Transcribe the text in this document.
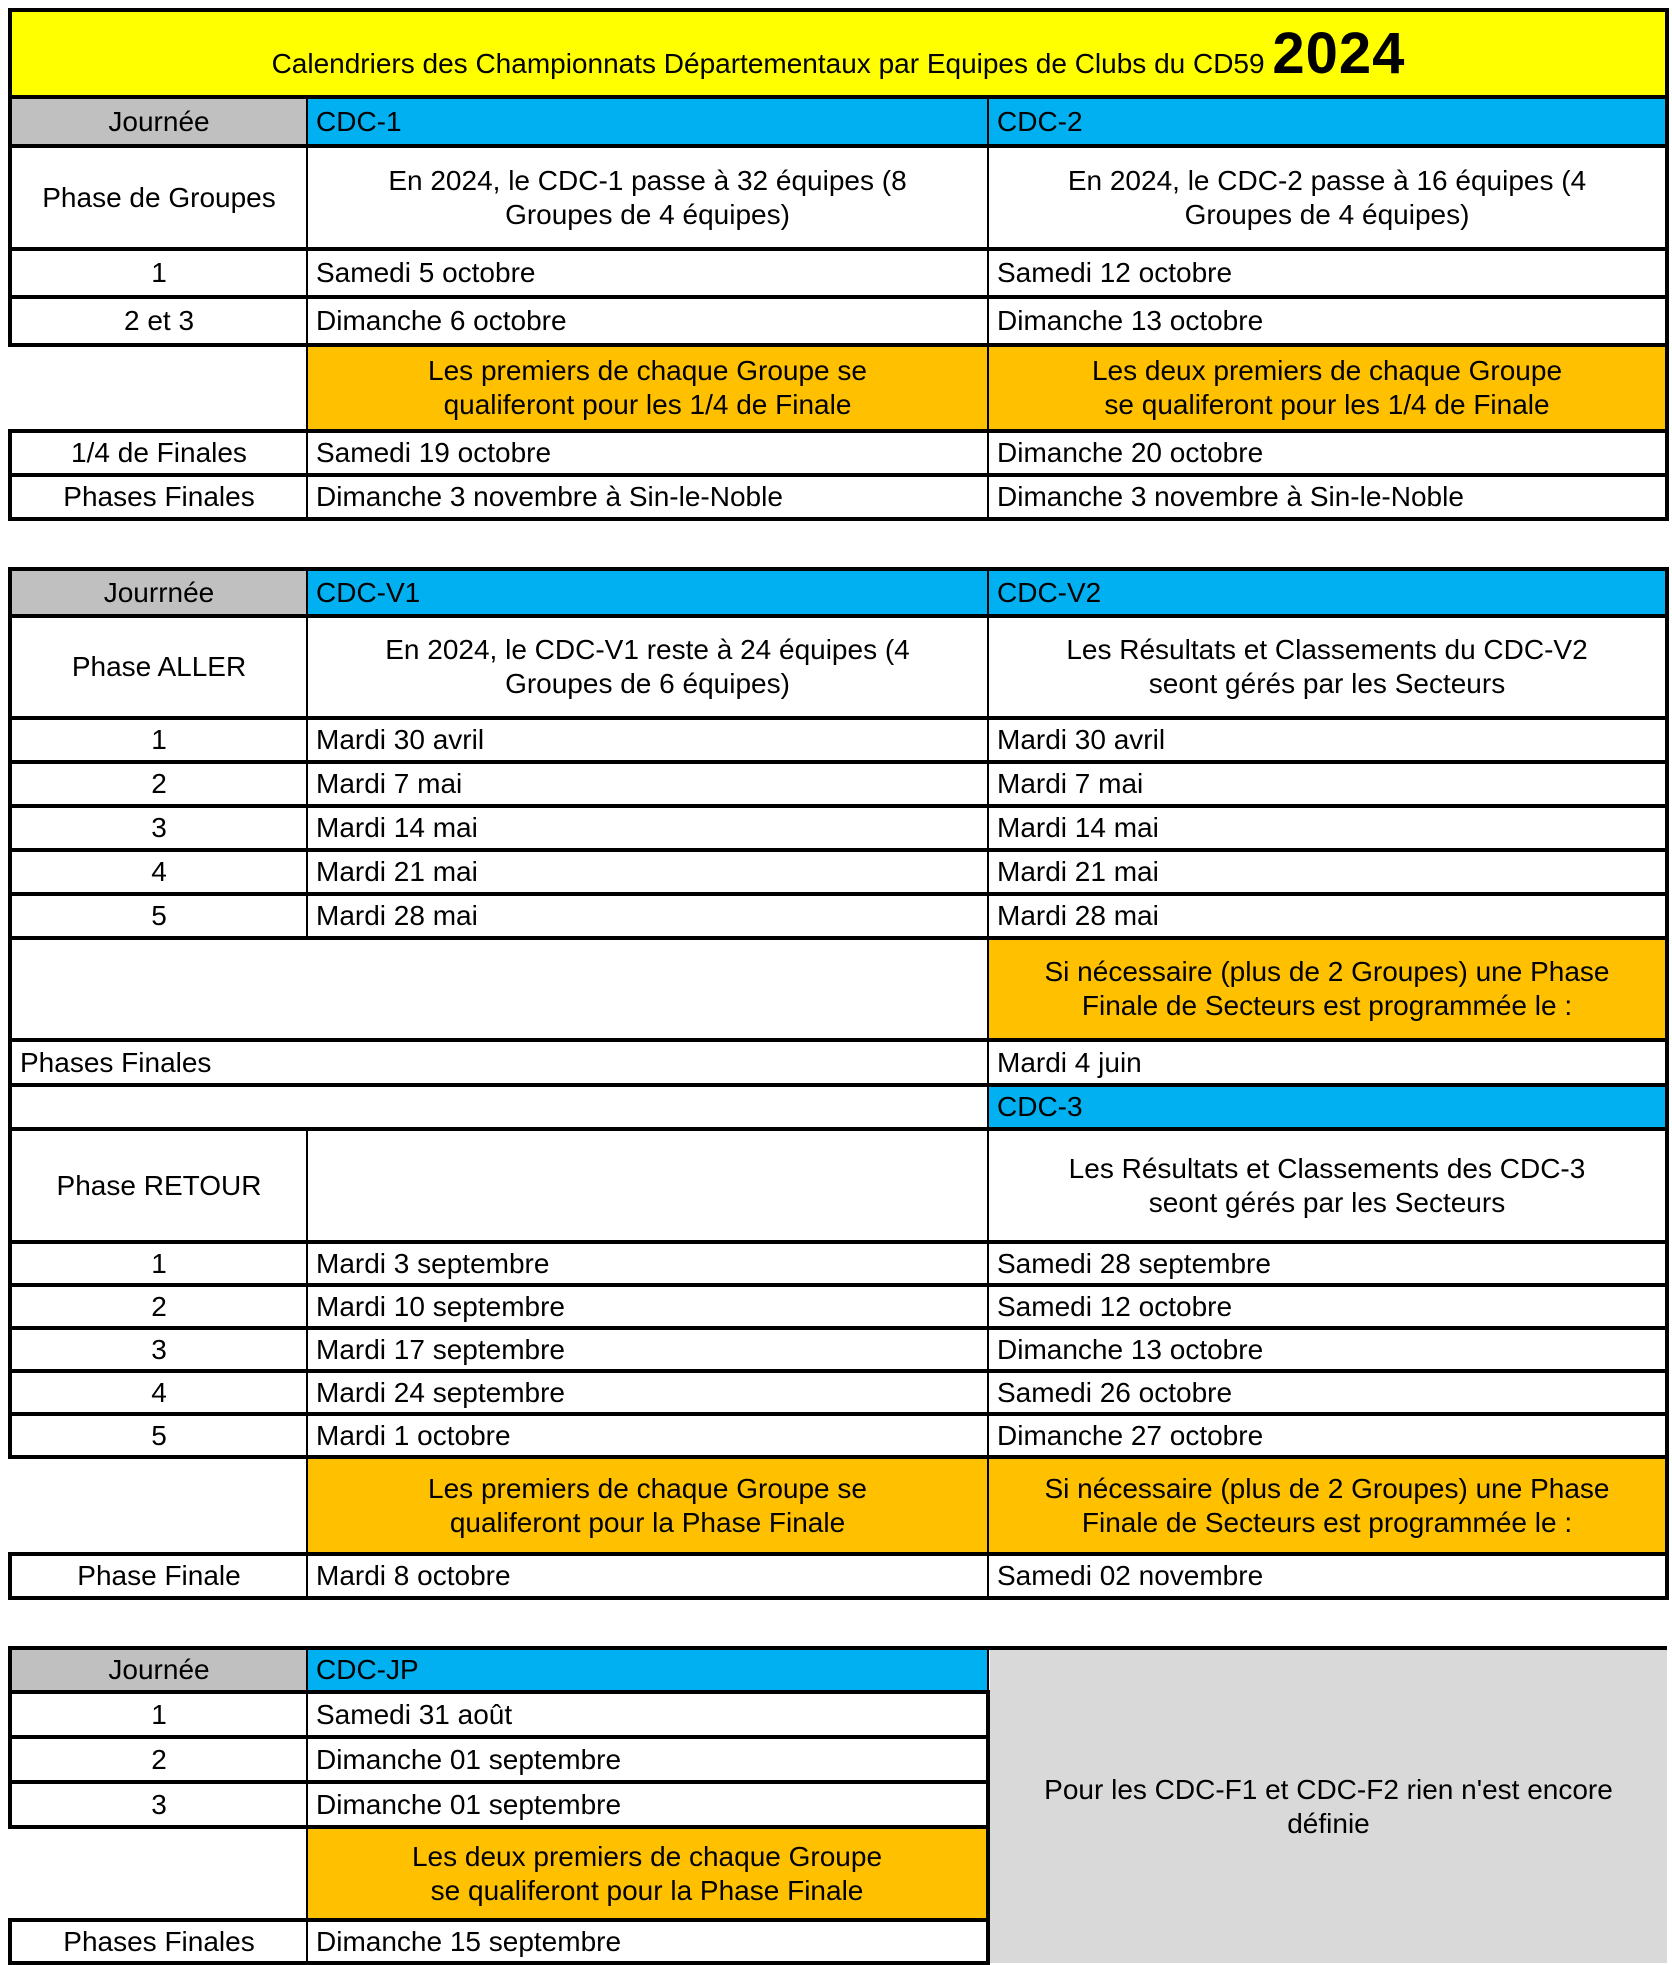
Calendriers des Championnats Départementaux par Equipes de Clubs du CD59 2024		
Journée	CDC-1	CDC-2
Phase de Groupes	En 2024, le CDC-1 passe à 32 équipes (8 Groupes de 4 équipes)	En 2024, le CDC-2 passe à 16 équipes (4 Groupes de 4 équipes)
1	Samedi 5 octobre	Samedi 12 octobre
2 et 3	Dimanche 6 octobre	Dimanche 13 octobre
	Les premiers de chaque Groupe se qualiferont pour les 1/4 de Finale	Les deux premiers de chaque Groupe se qualiferont pour les 1/4 de Finale
1/4 de Finales	Samedi 19 octobre	Dimanche 20 octobre
Phases Finales	Dimanche 3 novembre à Sin-le-Noble	Dimanche 3 novembre à Sin-le-Noble
Jourrnée	CDC-V1	CDC-V2
Phase ALLER	En 2024, le CDC-V1 reste à 24 équipes (4 Groupes de 6 équipes)	Les Résultats et Classements du CDC-V2 seont gérés par les Secteurs
1	Mardi 30 avril	Mardi 30 avril
2	Mardi 7 mai	Mardi 7 mai
3	Mardi 14 mai	Mardi 14 mai
4	Mardi 21 mai	Mardi 21 mai
5	Mardi 28 mai	Mardi 28 mai
		Si nécessaire (plus de 2 Groupes) une Phase Finale de Secteurs est programmée le :
Phases Finales		Mardi 4 juin
		CDC-3
Phase RETOUR		Les Résultats et Classements des CDC-3 seont gérés par les Secteurs
1	Mardi 3 septembre	Samedi 28 septembre
2	Mardi 10 septembre	Samedi 12 octobre
3	Mardi 17 septembre	Dimanche 13 octobre
4	Mardi 24 septembre	Samedi 26 octobre
5	Mardi 1 octobre	Dimanche 27 octobre
	Les premiers de chaque Groupe se qualiferont pour la Phase Finale	Si nécessaire (plus de 2 Groupes) une Phase Finale de Secteurs est programmée le :
Phase Finale	Mardi 8 octobre	Samedi 02 novembre
Journée	CDC-JP	Pour les CDC-F1 et CDC-F2 rien n'est encore définie
1	Samedi 31 août	
2	Dimanche 01 septembre	
3	Dimanche 01 septembre	
	Les deux premiers de chaque Groupe se qualiferont pour la Phase Finale	
Phases Finales	Dimanche 15 septembre	
